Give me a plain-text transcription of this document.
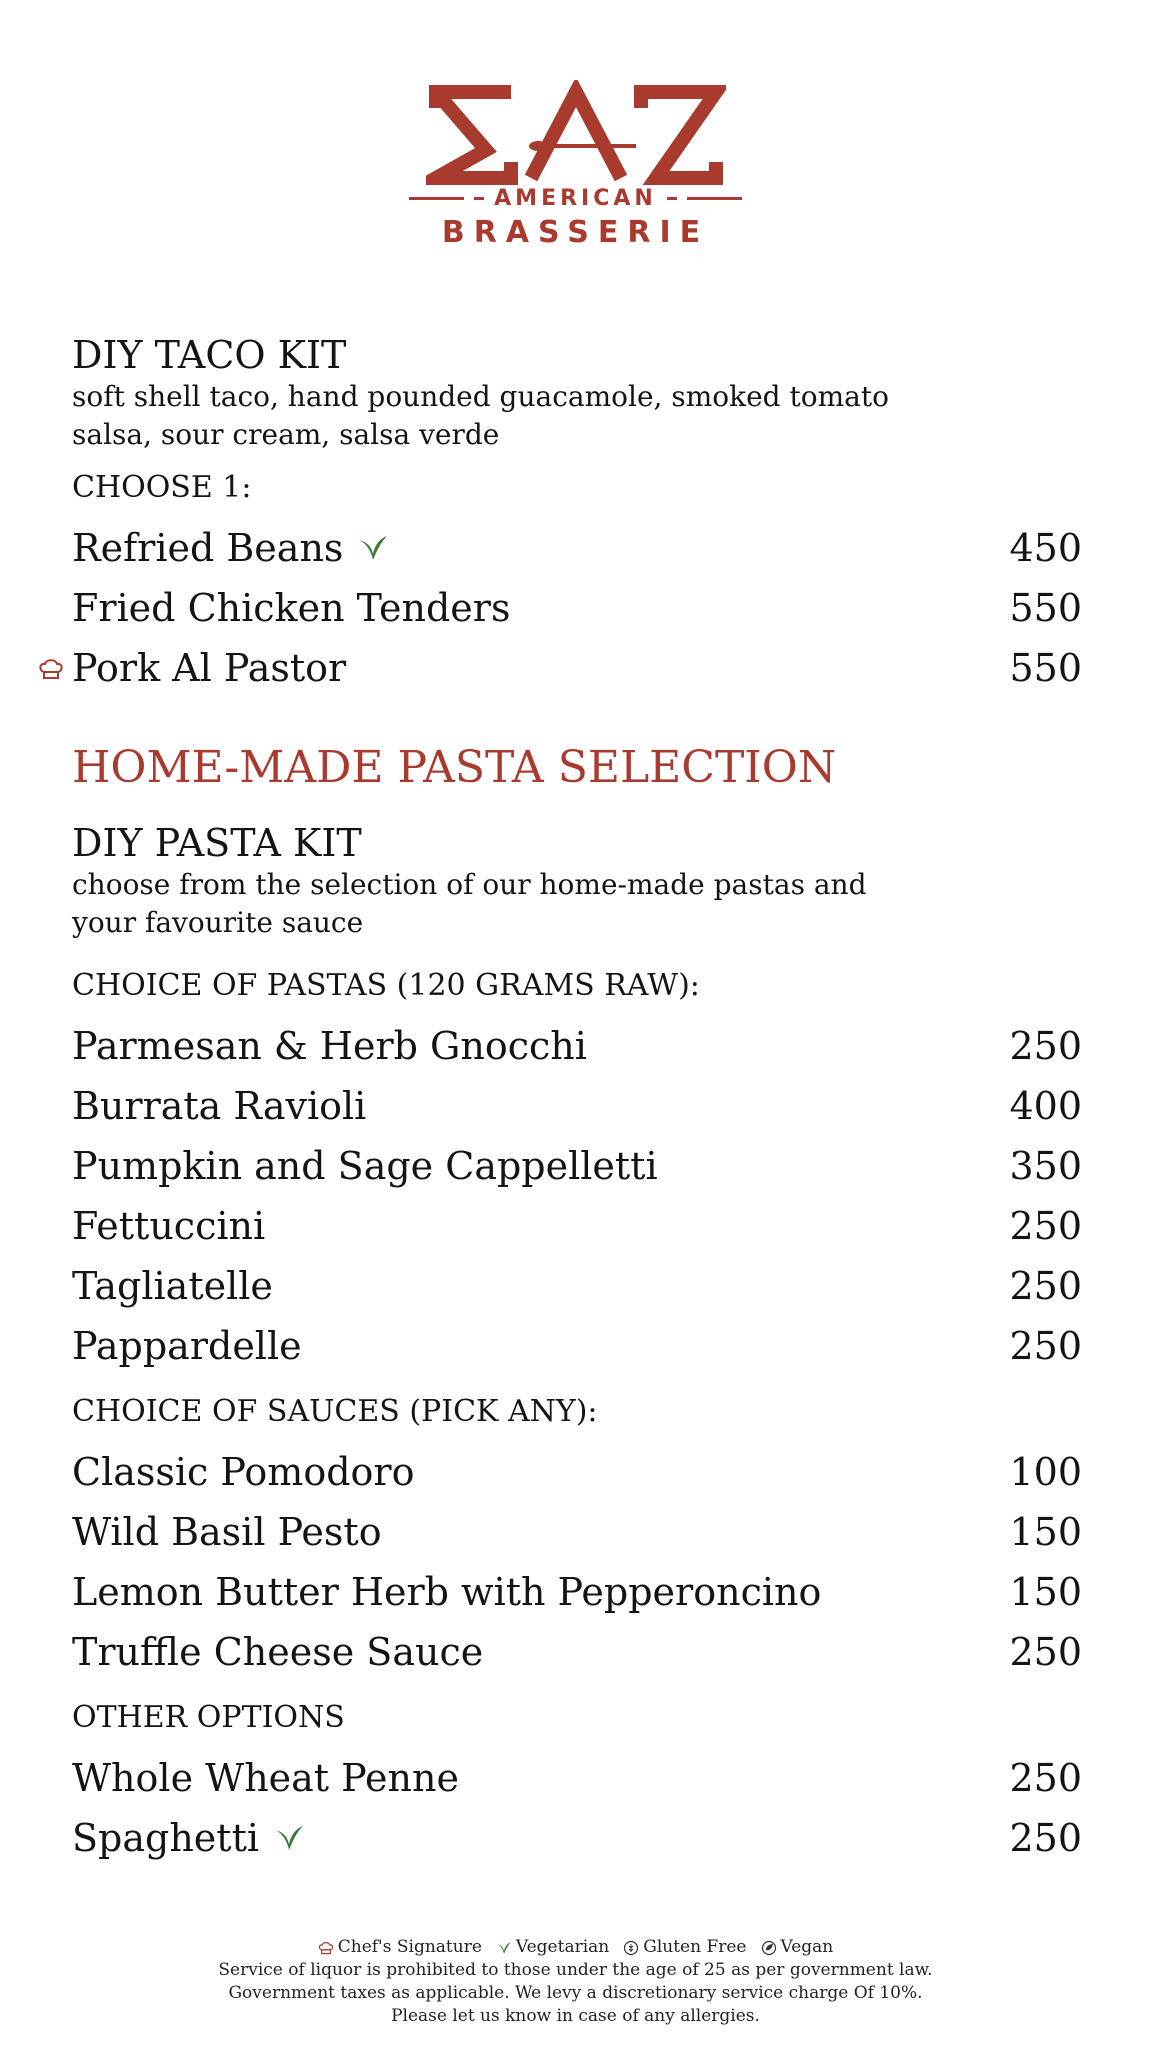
AMERICAN
BRASSERIE
DIY TACO KIT
soft shell taco, hand pounded guacamole, smoked tomato
salsa, sour cream, salsa verde
CHOOSE 1:
Refried Beans	450
Fried Chicken Tenders	550
Pork Al Pastor	550
HOME-MADE PASTA SELECTION
DIY PASTA KIT
choose from the selection of our home-made pastas and
your favourite sauce
CHOICE OF PASTAS (120 GRAMS RAW):
Parmesan & Herb Gnocchi	250
Burrata Ravioli	400
Pumpkin and Sage Cappelletti	350
Fettuccini	250
Tagliatelle	250
Pappardelle	250
CHOICE OF SAUCES (PICK ANY):
Classic Pomodoro	100
Wild Basil Pesto	150
Lemon Butter Herb with Pepperoncino	150
Truffle Cheese Sauce	250
OTHER OPTIONS
Whole Wheat Penne	250
Spaghetti	250
Chef's Signature Vegetarian Gluten Free Vegan
Service of liquor is prohibited to those under the age of 25 as per government law.
Government taxes as applicable. We levy a discretionary service charge Of 10%.
Please let us know in case of any allergies.
